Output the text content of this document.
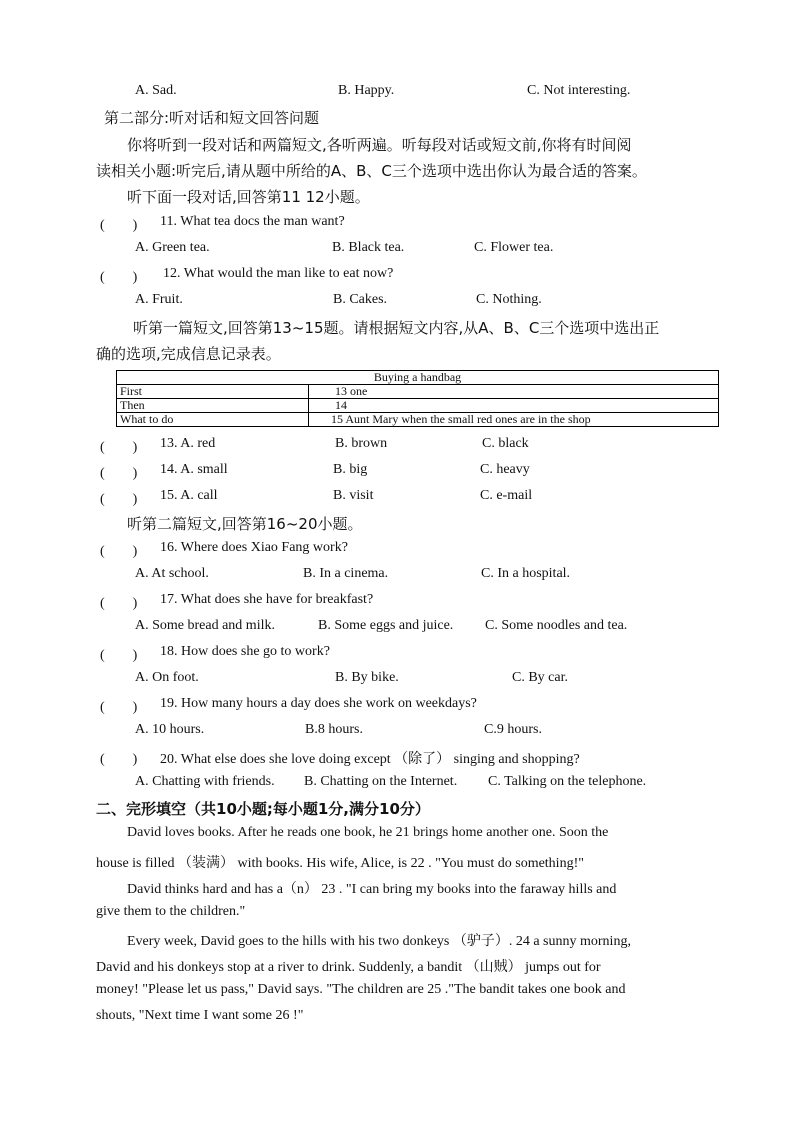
A. Sad.	B. Happy.	C. Not interesting.
第二部分:听对话和短文回答问题
你将听到一段对话和两篇短文,各听两遍。听每段对话或短文前,你将有时间阅
读相关小题:听完后,请从题中所给的A、B、C三个选项中选出你认为最合适的答案。
听下面一段对话,回答第11 12小题。
(　　) 11. What tea docs the man want?
A. Green tea.	B. Black tea.	C. Flower tea.
(　　) 12. What would the man like to eat now?
A. Fruit.	B. Cakes.	C. Nothing.
听第一篇短文,回答第13~15题。请根据短文内容,从A、B、C三个选项中选出正
确的选项,完成信息记录表。
Buying a handbag	
First	13 one
Then	14
What to do	15 Aunt Mary when the small red ones are in the shop
(　　) 13. A. red	B. brown	C. black
(　　) 14. A. small	B. big	C. heavy
(　　) 15. A. call	B. visit	C. e-mail
听第二篇短文,回答第16~20小题。
(　　) 16. Where does Xiao Fang work?
A. At school.	B. In a cinema.	C. In a hospital.
(　　) 17. What does she have for breakfast?
A. Some bread and milk.	B. Some eggs and juice. C. Some noodles and tea.
(　　) 18. How does she go to work?
A. On foot.	B. By bike.	C. By car.
(　　) 19. How many hours a day does she work on weekdays?
A. 10 hours.	B.8 hours.	C.9 hours.
(　　) 20. What else does she love doing except （除了） singing and shopping?
A. Chatting with friends. B. Chatting on the Internet. C. Talking on the telephone.
二、完形填空（共10小题;每小题1分,满分10分）
David loves books. After he reads one book, he 21 brings home another one. Soon the
house is filled （装满） with books. His wife, Alice, is 22 . "You must do something!"
David thinks hard and has a（n） 23 . "I can bring my books into the faraway hills and
give them to the children."
Every week, David goes to the hills with his two donkeys （驴子）. 24 a sunny morning,
David and his donkeys stop at a river to drink. Suddenly, a bandit （山贼） jumps out for
money! "Please let us pass," David says. "The children are 25 ."The bandit takes one book and
shouts, "Next time I want some 26 !"
